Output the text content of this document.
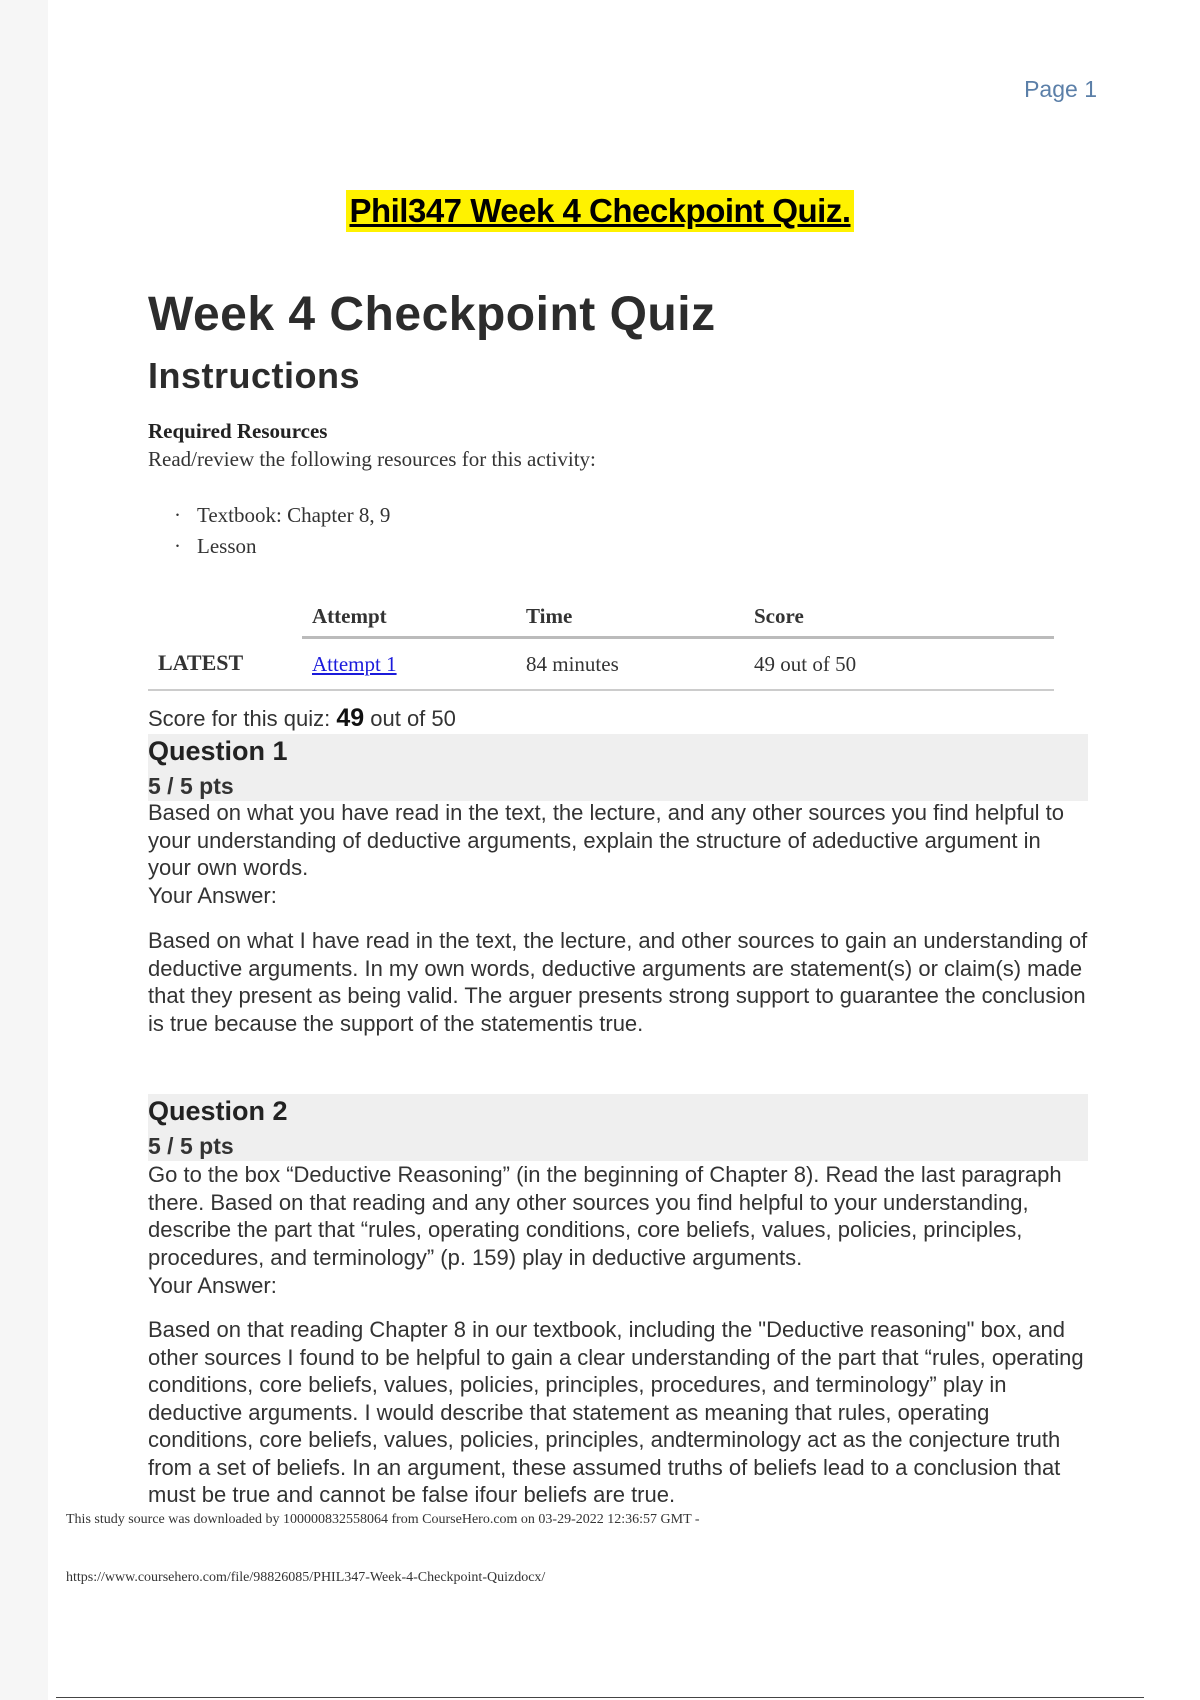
Page 1
Phil347 Week 4 Checkpoint Quiz.
Week 4 Checkpoint Quiz
Instructions
Required Resources
Read/review the following resources for this activity:
· Textbook: Chapter 8, 9
· Lesson
	Attempt	Time	Score
LATEST	Attempt 1	84 minutes	49 out of 50
Score for this quiz: 49 out of 50
Question 1
5 / 5 pts

Based on what you have read in the text, the lecture, and any other sources you find helpful to your understanding of deductive arguments, explain the structure of adeductive argument in your own words.

Your Answer:

Based on what I have read in the text, the lecture, and other sources to gain an understanding of deductive arguments. In my own words, deductive arguments are statement(s) or claim(s) made that they present as being valid. The arguer presents strong support to guarantee the conclusion is true because the support of the statementis true.

Question 2
5 / 5 pts

Go to the box “Deductive Reasoning” (in the beginning of Chapter 8). Read the last paragraph there. Based on that reading and any other sources you find helpful to your understanding, describe the part that “rules, operating conditions, core beliefs, values, policies, principles, procedures, and terminology” (p. 159) play in deductive arguments.

Your Answer:

Based on that reading Chapter 8 in our textbook, including the "Deductive reasoning" box, and other sources I found to be helpful to gain a clear understanding of the part that “rules, operating conditions, core beliefs, values, policies, principles, procedures, and terminology” play in deductive arguments. I would describe that statement as meaning that rules, operating conditions, core beliefs, values, policies, principles, andterminology act as the conjecture truth from a set of beliefs. In an argument, these assumed truths of beliefs lead to a conclusion that must be true and cannot be false ifour beliefs are true.

This study source was downloaded by 100000832558064 from CourseHero.com on 03-29-2022 12:36:57 GMT -
https://www.coursehero.com/file/98826085/PHIL347-Week-4-Checkpoint-Quizdocx/
